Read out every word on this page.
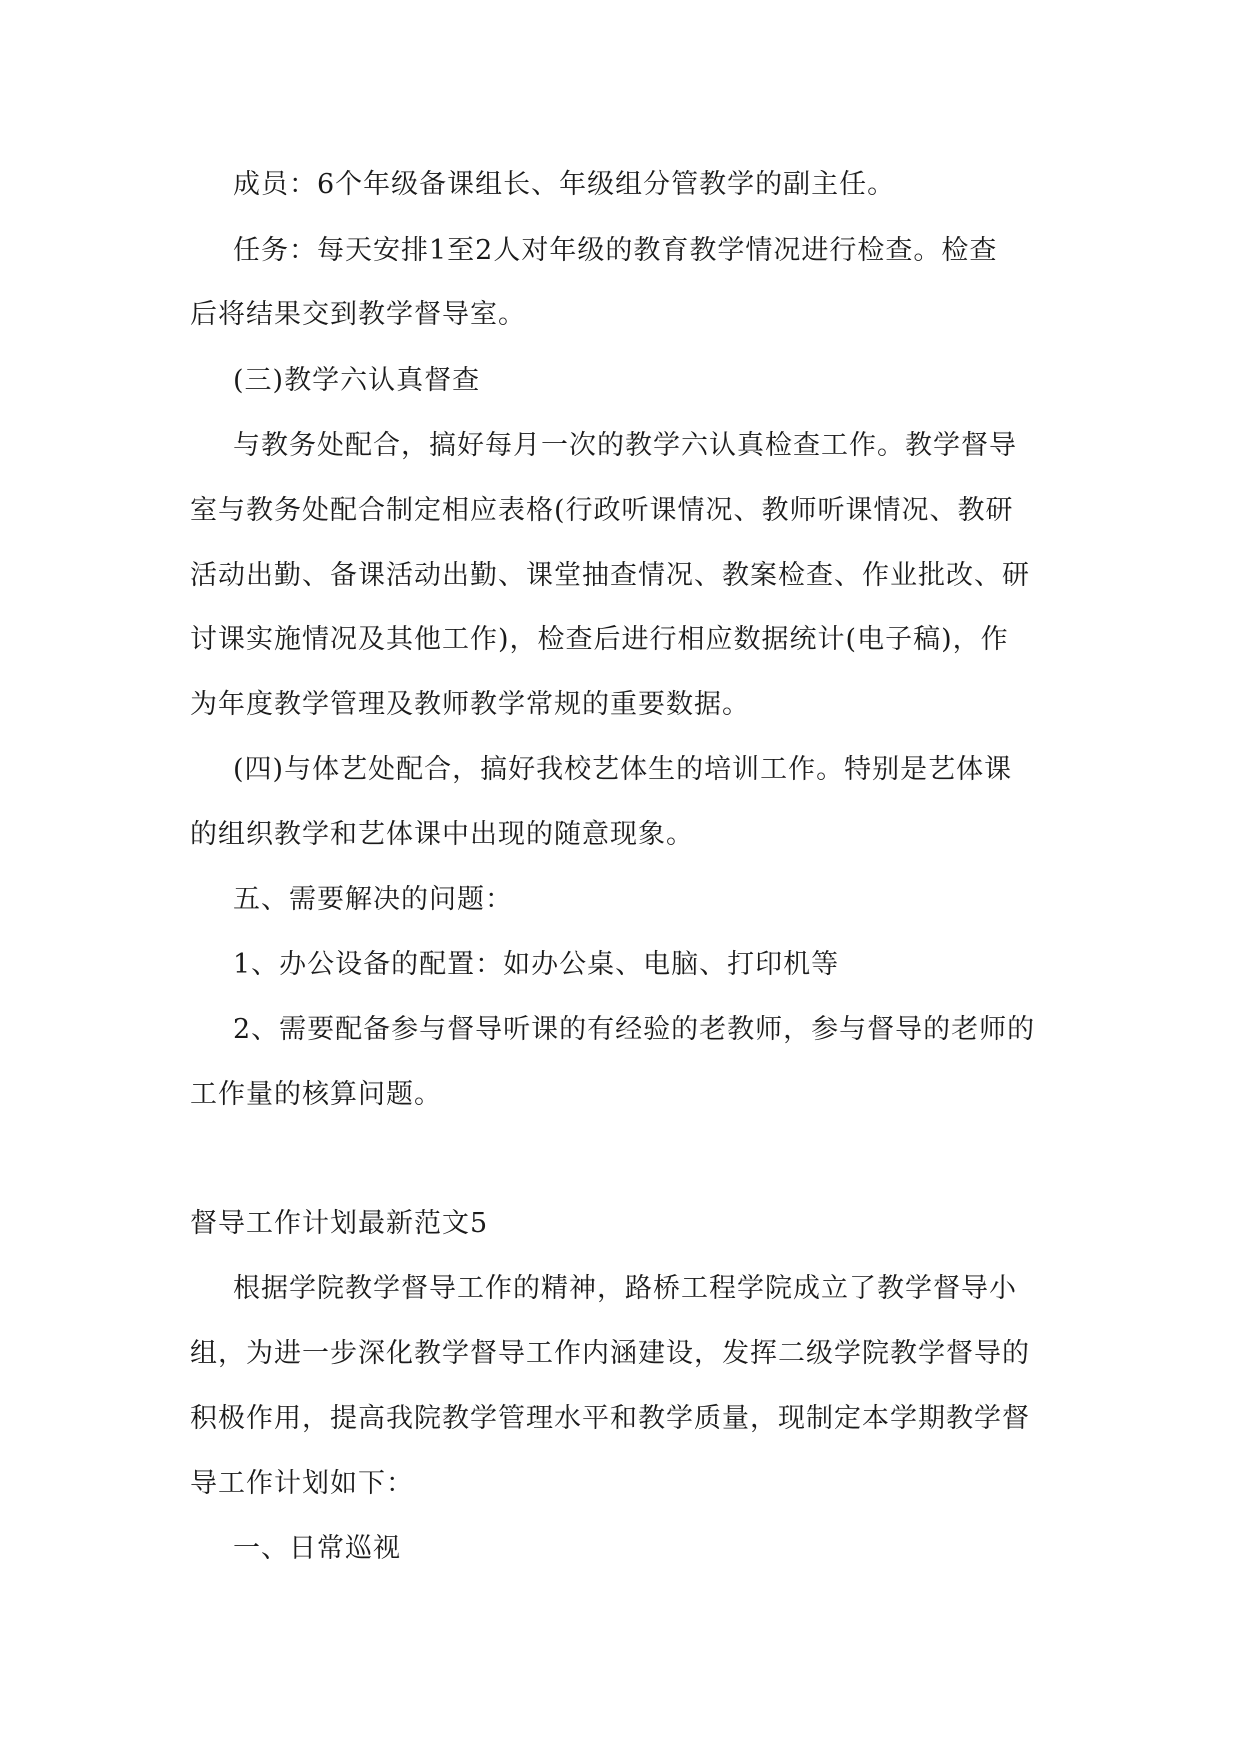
成员：6个年级备课组长、年级组分管教学的副主任。
任务：每天安排1至2人对年级的教育教学情况进行检查。检查
后将结果交到教学督导室。
(三)教学六认真督查
与教务处配合，搞好每月一次的教学六认真检查工作。教学督导
室与教务处配合制定相应表格(行政听课情况、教师听课情况、教研
活动出勤、备课活动出勤、课堂抽查情况、教案检查、作业批改、研
讨课实施情况及其他工作)，检查后进行相应数据统计(电子稿)，作
为年度教学管理及教师教学常规的重要数据。
(四)与体艺处配合，搞好我校艺体生的培训工作。特别是艺体课
的组织教学和艺体课中出现的随意现象。
五、需要解决的问题：
1、办公设备的配置：如办公桌、电脑、打印机等
2、需要配备参与督导听课的有经验的老教师，参与督导的老师的
工作量的核算问题。
督导工作计划最新范文5
根据学院教学督导工作的精神，路桥工程学院成立了教学督导小
组，为进一步深化教学督导工作内涵建设，发挥二级学院教学督导的
积极作用，提高我院教学管理水平和教学质量，现制定本学期教学督
导工作计划如下：
一、日常巡视
